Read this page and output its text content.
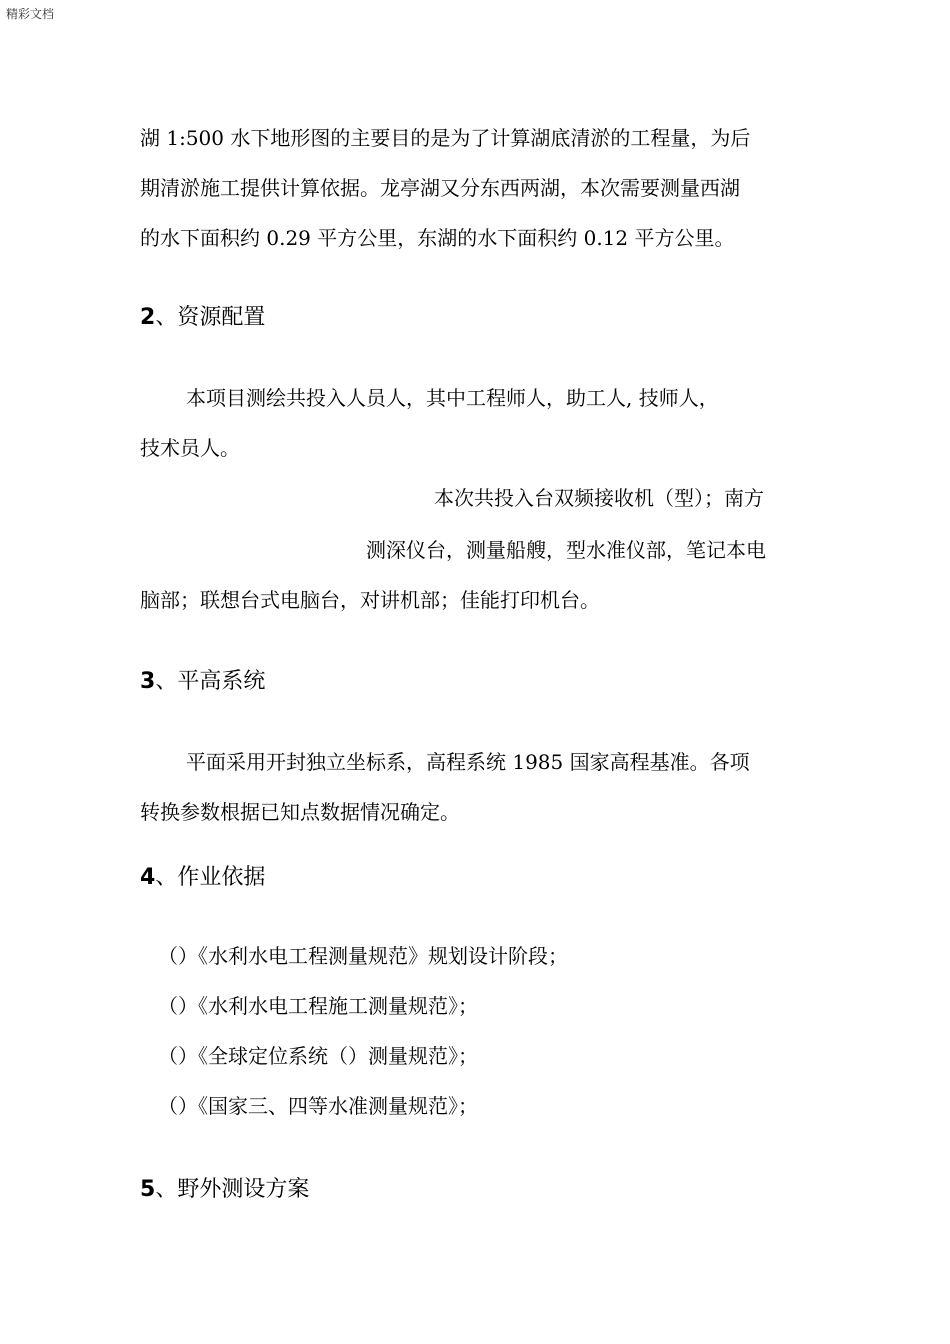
精彩文档
湖 1:500 水下地形图的主要目的是为了计算湖底清淤的工程量，为后
期清淤施工提供计算依据。龙亭湖又分东西两湖，本次需要测量西湖
的水下面积约 0.29 平方公里，东湖的水下面积约 0.12 平方公里。
2、资源配置
本项目测绘共投入人员人，其中工程师人，助工人, 技师人，
技术员人。
本次共投入台双频接收机（型）；南方
测深仪台，测量船艘，型水准仪部，笔记本电
脑部；联想台式电脑台，对讲机部；佳能打印机台。
3、平高系统
平面采用开封独立坐标系，高程系统 1985 国家高程基准。各项
转换参数根据已知点数据情况确定。
4、作业依据
（）《水利水电工程测量规范》规划设计阶段；
（）《水利水电工程施工测量规范》；
（）《全球定位系统（）测量规范》；
（）《国家三、四等水准测量规范》；
5、野外测设方案
